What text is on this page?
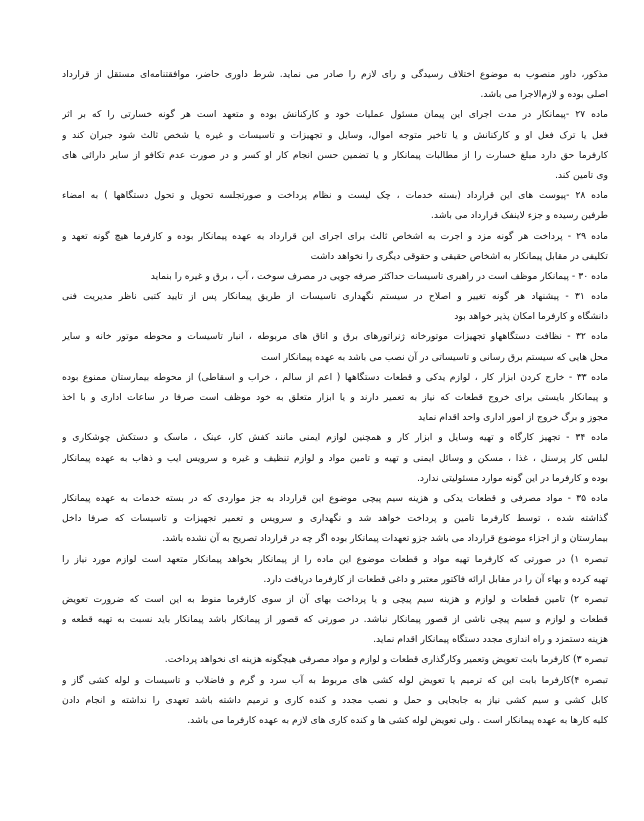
مذکور، داور منصوب به موضوع اختلاف رسیدگی و رای لازم را صادر می نماید. شرط داوری حاضر، موافقتنامه‌ای مستقل از قرارداد
اصلی بوده و لازم‌الاجرا می باشد.
ماده ۲۷ -پیمانکار در مدت اجرای این پیمان مسئول عملیات خود و کارکنانش بوده و متعهد است هر گونه خسارتی را که بر اثر
فعل یا ترک فعل او و کارکنانش و یا تاخیر متوجه اموال، وسایل و تجهیزات و تاسیسات و غیره یا شخص ثالث شود جبران کند و
کارفرما حق دارد مبلغ خسارت را از مطالبات پیمانکار و یا تضمین حسن انجام کار او کسر و در صورت عدم تکافو از سایر دارائی های
وی تامین کند.
ماده ۲۸ -پیوست های این قرارداد (بسته خدمات ، چک لیست و نظام پرداخت و صورتجلسه تحویل و تحول دستگاهها ) به امضاء
طرفین رسیده و جزء لاینفک قرارداد می باشد.
ماده ۲۹ - پرداخت هر گونه مزد و اجرت به اشخاص ثالث برای اجرای این قرارداد به عهده پیمانکار بوده و کارفرما هیچ گونه تعهد و
تکلیفی در مقابل پیمانکار به اشخاص حقیقی و حقوقی دیگری را نخواهد داشت
ماده ۳۰ - پیمانکار موظف است در راهبری تاسیسات حداکثر صرفه جویی در مصرف سوخت ، آب ، برق و غیره را بنماید
ماده ۳۱ - پیشنهاد هر گونه تغییر و اصلاح در سیستم نگهداری تاسیسات از طریق پیمانکار پس از تایید کتبی ناظر مدیریت فنی
دانشگاه و کارفرما امکان پذیر خواهد بود
ماده ۳۲ - نظافت دستگاههاو تجهیزات موتورخانه ژنراتورهای برق و اتاق های مربوطه ، انبار تاسیسات و محوطه موتور خانه و سایر
محل هایی که سیستم برق رسانی و تاسیساتی در آن نصب می باشد به عهده پیمانکار است
ماده ۳۳ - خارج کردن ابزار کار ، لوازم یدکی و قطعات دستگاهها ( اعم از سالم ، خراب و اسقاطی) از محوطه بیمارستان ممنوع بوده
و پیمانکار بایستی برای خروج قطعات که نیاز به تعمیر دارند و یا ابزار متعلق به خود موظف است صرفا در ساعات اداری و با اخذ
مجوز و برگ خروج از امور اداری واحد اقدام نماید
ماده ۳۴ - تجهیز کارگاه و تهیه وسایل و ابزار کار و همچنین لوازم ایمنی مانند کفش کار، عینک ، ماسک و دستکش چوشکاری و
لبلس کار پرسنل ، غذا ، مسکن و وسائل ایمنی و تهیه و تامین مواد و لوازم تنظیف و غیره و سرویس ایب و ذهاب به عهده پیمانکار
بوده و کارفرما در این گونه موارد مسئولیتی ندارد.
ماده ۳۵ - مواد مصرفی و قطعات یدکی و هزینه سیم پیچی موضوع این قرارداد به جز مواردی که در بسته خدمات به عهده پیمانکار
گذاشته شده ، توسط کارفرما تامین و پرداخت خواهد شد و نگهداری و سرویس و تعمیر تجهیزات و تاسیسات که صرفا داخل
بیمارستان و از اجزاء موضوع قرارداد می باشد جزو تعهدات پیمانکار بوده اگر چه در قرارداد تصریح به آن نشده باشد.
تبصره ۱) در صورتی که کارفرما تهیه مواد و قطعات موضوع این ماده را از پیمانکار بخواهد پیمانکار متعهد است لوازم مورد نیاز را
تهیه کرده و بهاء آن را در مقابل ارائه فاکتور معتبر و داغی قطعات از کارفرما دریافت دارد.
تبصره ۲) تامین قطعات و لوازم و هزینه سیم پیچی و یا پرداخت بهای آن از سوی کارفرما منوط به این است که ضرورت تعویض
قطعات و لوازم و سیم پیچی ناشی از قصور پیمانکار نباشد. در صورتی که قصور از پیمانکار باشد پیمانکار باید نسبت به تهیه قطعه و
هزینه دستمزد و راه اندازی مجدد دستگاه پیمانکار اقدام نماید.
تبصره ۳) کارفرما بابت تعویض وتعمیر وکارگذاری قطعات و لوازم و مواد مصرفی هیچگونه هزینه ای نخواهد پرداخت.
تبصره ۴)کارفرما بابت این که ترمیم یا تعویض لوله کشی های مربوط به آب سرد و گرم و فاضلاب و تاسیسات و لوله کشی گاز و
کابل کشی و سیم کشی نیاز به جابجایی و حمل و نصب مجدد و کنده کاری و ترمیم داشته باشد تعهدی را نداشته و انجام دادن
کلیه کارها به عهده پیمانکار است . ولی تعویض لوله کشی ها و کنده کاری های لازم به عهده کارفرما می باشد.
